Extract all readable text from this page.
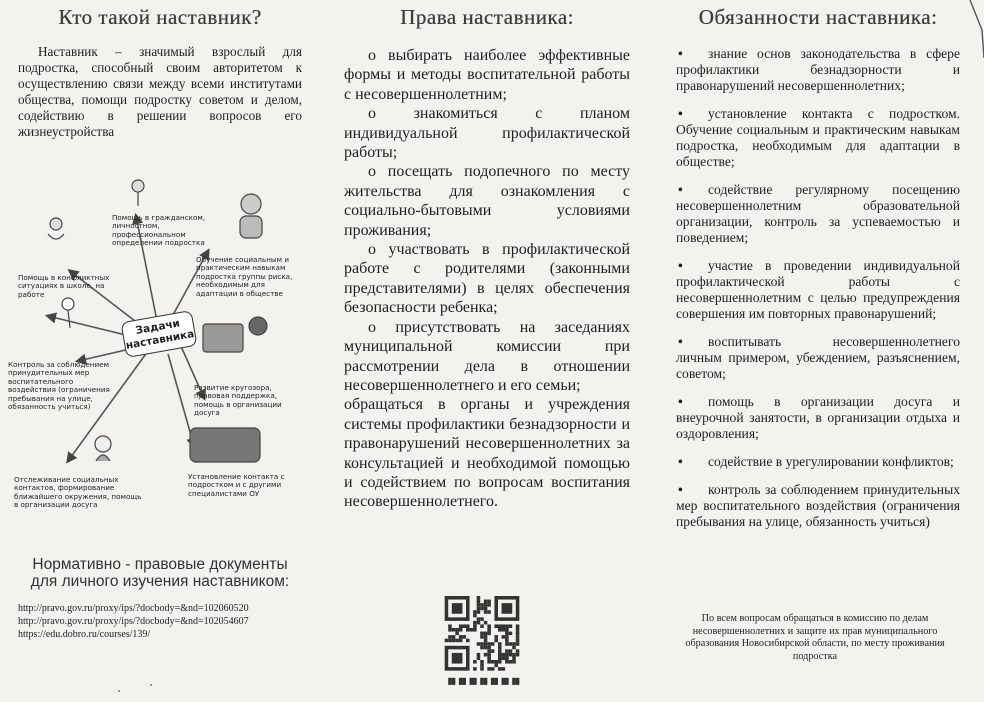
Кто такой наставник?

Наставник – значимый взрослый для подростка, способный своим авторитетом к осуществлению связи между всеми институтами общества, помощи подростку советом и делом, содействию в решении вопросов его жизнеустройства

Задачи наставника
Помощь в гражданском, личностном, профессиональном определении подростка
Обучение социальным и практическим навыкам подростка группы риска, необходимым для адаптации в обществе
Помощь в конфликтных ситуациях в школе, на работе
Контроль за соблюдением принудительных мер воспитательного воздействия (ограничения пребывания на улице, обязанность учиться)
Развитие кругозора, правовая поддержка, помощь в организации досуга
Отслеживание социальных контактов, формирование ближайшего окружения, помощь в организации досуга
Установление контакта с подростком и с другими специалистами ОУ
Нормативно - правовые документы для личного изучения наставником:
http://pravo.gov.ru/proxy/ips/?docbody=&nd=102060520
http://pravo.gov.ru/proxy/ips/?docbody=&nd=102054607
https://edu.dobro.ru/courses/139/
Права наставника:

о выбирать наиболее эффективные формы и методы воспитательной работы с несовершеннолетним;

о знакомиться с планом индивидуальной профилактической работы;

о посещать подопечного по месту жительства для ознакомления с социально-бытовыми условиями проживания;

о участвовать в профилактической работе с родителями (законными представителями) в целях обеспечения безопасности ребенка;

о присутствовать на заседаниях муниципальной комиссии при рассмотрении дела в отношении несовершеннолетнего и его семьи;

обращаться в органы и учреждения системы профилактики безнадзорности и правонарушений несовершеннолетних за консультацией и необходимой помощью и содействием по вопросам воспитания несовершеннолетнего.

Обязанности наставника:

• знание основ законодательства в сфере профилактики безнадзорности и правонарушений несовершеннолетних;

• установление контакта с подростком. Обучение социальным и практическим навыкам подростка, необходимым для адаптации в обществе;

• содействие регулярному посещению несовершеннолетним образовательной организации, контроль за успеваемостью и поведением;

• участие в проведении индивидуальной профилактической работы с несовершеннолетним с целью предупреждения совершения им повторных правонарушений;

• воспитывать несовершеннолетнего личным примером, убеждением, разъяснением, советом;

• помощь в организации досуга и внеурочной занятости, в организации отдыха и оздоровления;

• содействие в урегулировании конфликтов;

• контроль за соблюдением принудительных мер воспитательного воздействия (ограничения пребывания на улице, обязанность учиться)

По всем вопросам обращаться в комиссию по делам несовершеннолетних и защите их прав муниципального образования Новосибирской области, по месту проживания подростка
